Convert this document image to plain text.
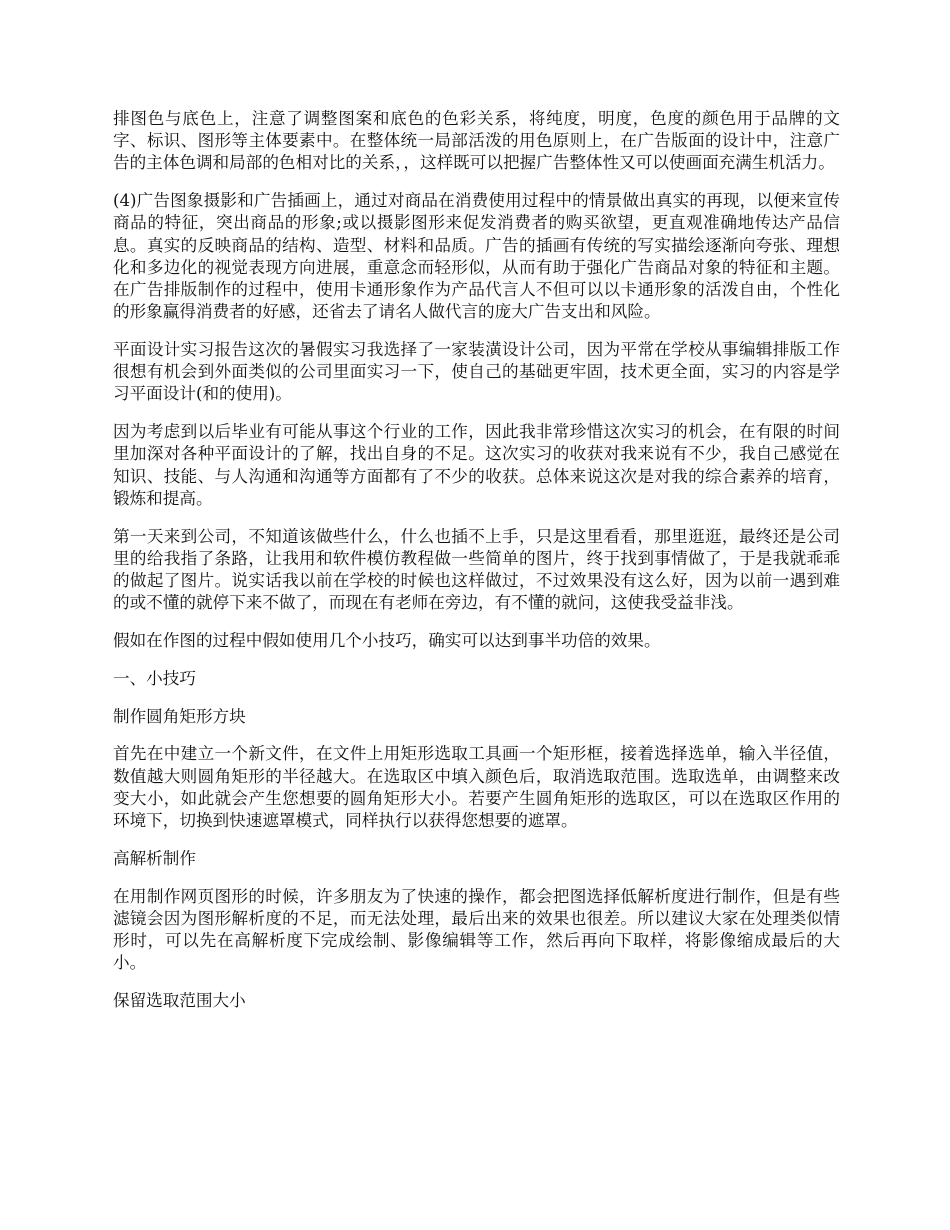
排图色与底色上，注意了调整图案和底色的色彩关系，将纯度，明度，色度的颜色用于品牌的文字、标识、图形等主体要素中。在整体统一局部活泼的用色原则上，在广告版面的设计中，注意广告的主体色调和局部的色相对比的关系，，这样既可以把握广告整体性又可以使画面充满生机活力。

(4)广告图象摄影和广告插画上，通过对商品在消费使用过程中的情景做出真实的再现，以便来宣传商品的特征，突出商品的形象;或以摄影图形来促发消费者的购买欲望，更直观准确地传达产品信息。真实的反映商品的结构、造型、材料和品质。广告的插画有传统的写实描绘逐渐向夸张、理想化和多边化的视觉表现方向进展，重意念而轻形似，从而有助于强化广告商品对象的特征和主题。在广告排版制作的过程中，使用卡通形象作为产品代言人不但可以以卡通形象的活泼自由，个性化的形象赢得消费者的好感，还省去了请名人做代言的庞大广告支出和风险。

平面设计实习报告这次的暑假实习我选择了一家装潢设计公司，因为平常在学校从事编辑排版工作很想有机会到外面类似的公司里面实习一下，使自己的基础更牢固，技术更全面，实习的内容是学习平面设计(和的使用)。

因为考虑到以后毕业有可能从事这个行业的工作，因此我非常珍惜这次实习的机会，在有限的时间里加深对各种平面设计的了解，找出自身的不足。这次实习的收获对我来说有不少，我自己感觉在知识、技能、与人沟通和沟通等方面都有了不少的收获。总体来说这次是对我的综合素养的培育，锻炼和提高。

第一天来到公司，不知道该做些什么，什么也插不上手，只是这里看看，那里逛逛，最终还是公司里的给我指了条路，让我用和软件模仿教程做一些简单的图片，终于找到事情做了，于是我就乖乖的做起了图片。说实话我以前在学校的时候也这样做过，不过效果没有这么好，因为以前一遇到难的或不懂的就停下来不做了，而现在有老师在旁边，有不懂的就问，这使我受益非浅。

假如在作图的过程中假如使用几个小技巧，确实可以达到事半功倍的效果。

一、小技巧

制作圆角矩形方块

首先在中建立一个新文件，在文件上用矩形选取工具画一个矩形框，接着选择选单，输入半径值，数值越大则圆角矩形的半径越大。在选取区中填入颜色后，取消选取范围。选取选单，由调整来改变大小，如此就会产生您想要的圆角矩形大小。若要产生圆角矩形的选取区，可以在选取区作用的环境下，切换到快速遮罩模式，同样执行以获得您想要的遮罩。

高解析制作

在用制作网页图形的时候，许多朋友为了快速的操作，都会把图选择低解析度进行制作，但是有些滤镜会因为图形解析度的不足，而无法处理，最后出来的效果也很差。所以建议大家在处理类似情形时，可以先在高解析度下完成绘制、影像编辑等工作，然后再向下取样，将影像缩成最后的大小。

保留选取范围大小
